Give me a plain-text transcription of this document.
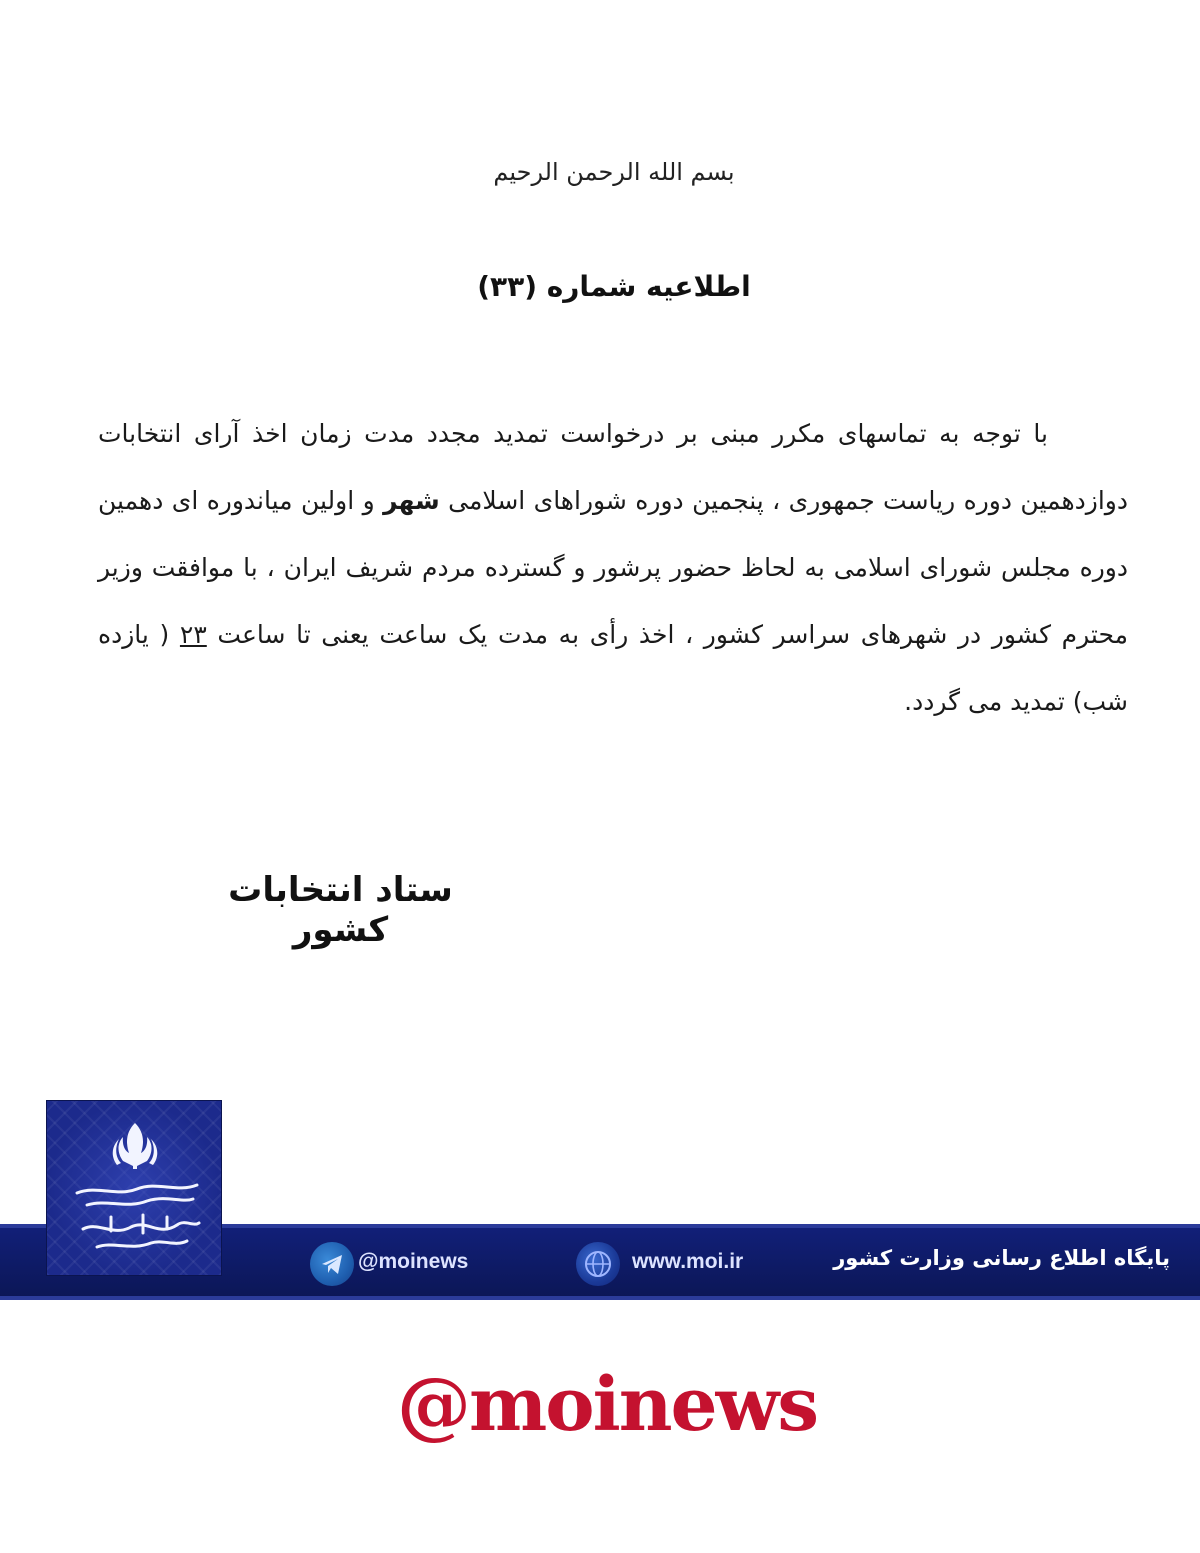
بسم الله الرحمن الرحيم
اطلاعيه شماره (۳۳)
با توجه به تماسهای مکرر مبنی بر درخواست تمدید مجدد مدت زمان اخذ آرای انتخابات دوازدهمین دوره ریاست جمهوری ، پنجمین دوره شوراهای اسلامی شهر و اولین میاندوره ای دهمین دوره مجلس شورای اسلامی به لحاظ حضور پرشور و گسترده مردم شریف ایران ، با موافقت وزیر محترم کشور در شهرهای سراسر کشور ، اخذ رأی به مدت یک ساعت یعنی تا ساعت ۲۳ ( یازده شب) تمدید می گردد.
ستاد انتخابات کشور
پایگاه اطلاع رسانی وزارت کشور
www.moi.ir
@moinews
@moinews
